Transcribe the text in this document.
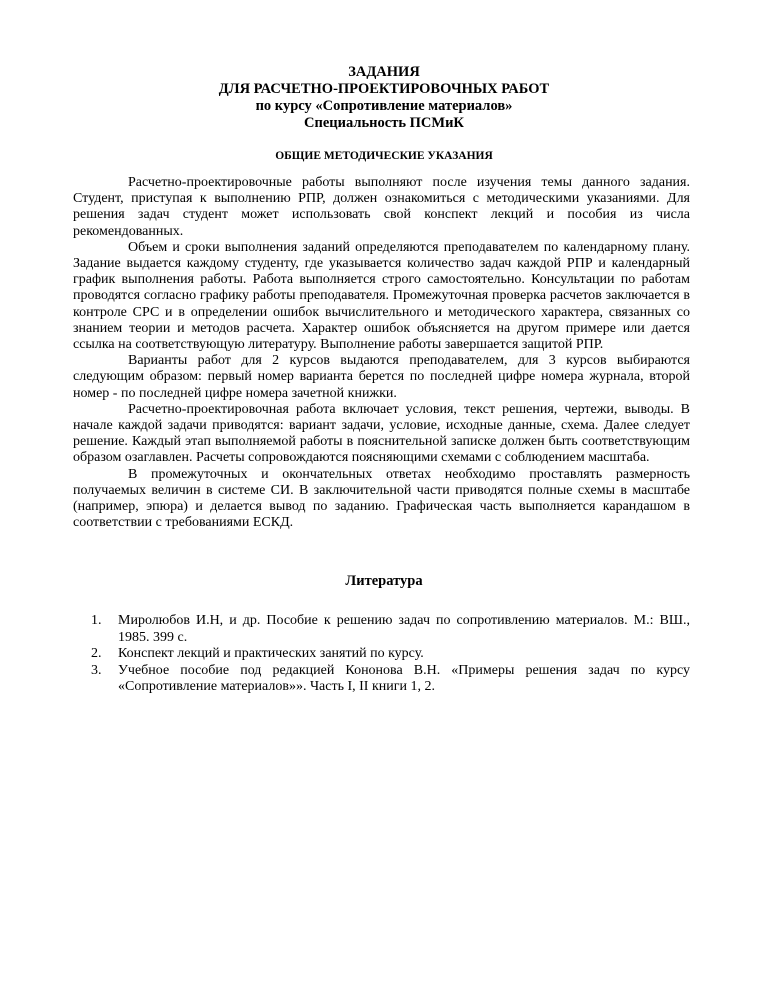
ЗАДАНИЯ
ДЛЯ РАСЧЕТНО-ПРОЕКТИРОВОЧНЫХ РАБОТ
по курсу «Сопротивление материалов»
Специальность ПСМиК
ОБЩИЕ МЕТОДИЧЕСКИЕ УКАЗАНИЯ

Расчетно-проектировочные работы выполняют после изучения темы данного задания. Студент, приступая к выполнению РПР, должен ознакомиться с методическими указаниями. Для решения задач студент может использовать свой конспект лекций и пособия из числа рекомендованных.

Объем и сроки выполнения заданий определяются преподавателем по календарному плану. Задание выдается каждому студенту, где указывается количество задач каждой РПР и календарный график выполнения работы. Работа выполняется строго самостоятельно. Консультации по работам проводятся согласно графику работы преподавателя. Промежуточная проверка расчетов заключается в контроле СРС и в определении ошибок вычислительного и методического характера, связанных со знанием теории и методов расчета. Характер ошибок объясняется на другом примере или дается ссылка на соответствующую литературу. Выполнение работы завершается защитой РПР.

Варианты работ для 2 курсов выдаются преподавателем, для 3 курсов выбираются следующим образом: первый номер варианта берется по последней цифре номера журнала, второй номер - по последней цифре номера зачетной книжки.

Расчетно-проектировочная работа включает условия, текст решения, чертежи, выводы. В начале каждой задачи приводятся: вариант задачи, условие, исходные данные, схема. Далее следует решение. Каждый этап выполняемой работы в пояснительной записке должен быть соответствующим образом озаглавлен. Расчеты сопровождаются поясняющими схемами с соблюдением масштаба.

В промежуточных и окончательных ответах необходимо проставлять размерность получаемых величин в системе СИ. В заключительной части приводятся полные схемы в масштабе (например, эпюра) и делается вывод по заданию. Графическая часть выполняется карандашом в соответствии с требованиями ЕСКД.

Литература
1. Миролюбов И.Н, и др. Пособие к решению задач по сопротивлению материалов. М.: ВШ., 1985. 399 с.
2. Конспект лекций и практических занятий по курсу.
3. Учебное пособие под редакцией Кононова В.Н. «Примеры решения задач по курсу «Сопротивление материалов»». Часть I, II книги 1, 2.
